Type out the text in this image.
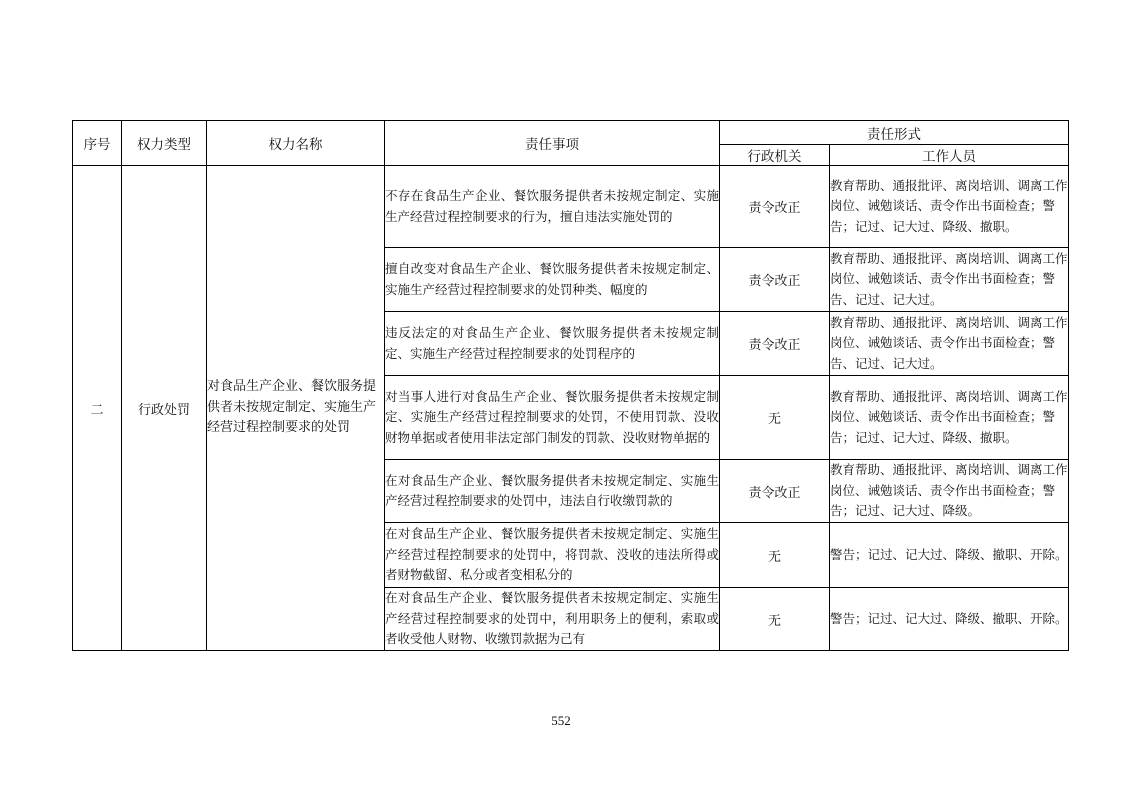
序号	权力类型	权力名称	责任事项	责任形式	
				行政机关	工作人员
二	行政处罚	对食品生产企业、餐饮服务提供者未按规定制定、实施生产经营过程控制要求的处罚	不存在食品生产企业、餐饮服务提供者未按规定制定、实施生产经营过程控制要求的行为，擅自违法实施处罚的	责令改正	教育帮助、通报批评、离岗培训、调离工作岗位、诫勉谈话、责令作出书面检查；警告；记过、记大过、降级、撤职。
			擅自改变对食品生产企业、餐饮服务提供者未按规定制定、实施生产经营过程控制要求的处罚种类、幅度的	责令改正	教育帮助、通报批评、离岗培训、调离工作岗位、诫勉谈话、责令作出书面检查；警告、记过、记大过。
			违反法定的对食品生产企业、餐饮服务提供者未按规定制定、实施生产经营过程控制要求的处罚程序的	责令改正	教育帮助、通报批评、离岗培训、调离工作岗位、诫勉谈话、责令作出书面检查；警告、记过、记大过。
			对当事人进行对食品生产企业、餐饮服务提供者未按规定制定、实施生产经营过程控制要求的处罚，不使用罚款、没收财物单据或者使用非法定部门制发的罚款、没收财物单据的	无	教育帮助、通报批评、离岗培训、调离工作岗位、诫勉谈话、责令作出书面检查；警告；记过、记大过、降级、撤职。
			在对食品生产企业、餐饮服务提供者未按规定制定、实施生产经营过程控制要求的处罚中，违法自行收缴罚款的	责令改正	教育帮助、通报批评、离岗培训、调离工作岗位、诫勉谈话、责令作出书面检查；警告；记过、记大过、降级。
			在对食品生产企业、餐饮服务提供者未按规定制定、实施生产经营过程控制要求的处罚中，将罚款、没收的违法所得或者财物截留、私分或者变相私分的	无	警告；记过、记大过、降级、撤职、开除。
			在对食品生产企业、餐饮服务提供者未按规定制定、实施生产经营过程控制要求的处罚中，利用职务上的便利，索取或者收受他人财物、收缴罚款据为己有	无	警告；记过、记大过、降级、撤职、开除。
552
